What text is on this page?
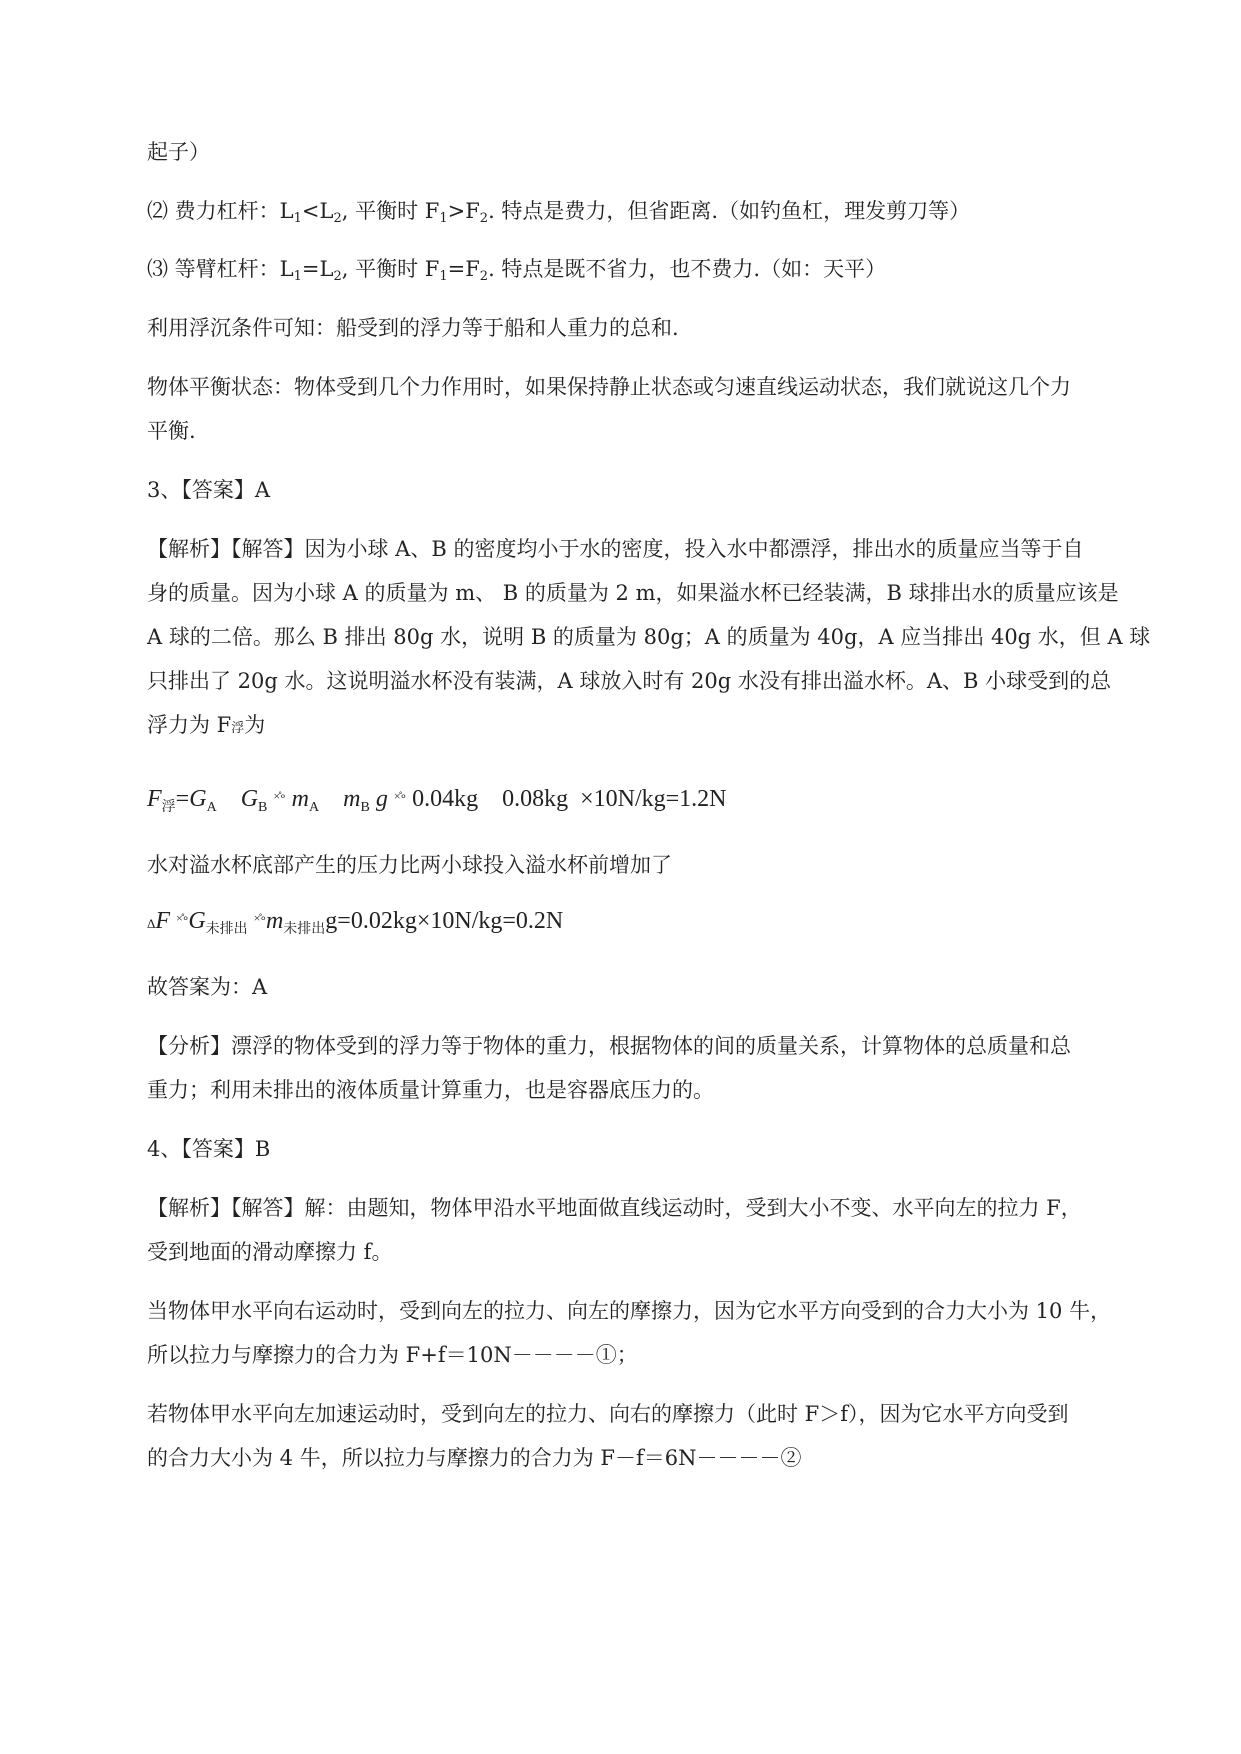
起子）
⑵ 费力杠杆：$L_1<L_2$, 平衡时 $F_1>F_2$. 特点是费力，但省距离.（如钓鱼杠，理发剪刀等）
⑶ 等臂杠杆：$L_1=L_2$, 平衡时 $F_1=F_2$. 特点是既不省力，也不费力.（如：天平）
利用浮沉条件可知：船受到的浮力等于船和人重力的总和.
物体平衡状态：物体受到几个力作用时，如果保持静止状态或匀速直线运动状态，我们就说这几个力
平衡.
3、【答案】A
【解析】【解答】因为小球 A、B 的密度均小于水的密度，投入水中都漂浮，排出水的质量应当等于自
身的质量。因为小球 A 的质量为 m、 B 的质量为 2 m，如果溢水杯已经装满，B 球排出水的质量应该是
A 球的二倍。那么 B 排出 80g 水，说明 B 的质量为 80g；A 的质量为 40g，A 应当排出 40g 水，但 A 球
只排出了 20g 水。这说明溢水杯没有装满，A 球放入时有 20g 水没有排出溢水杯。A、B 小球受到的总
浮力为 F浮为
$F_浮=G_A$ $G_B$ ×̊∘ $m_A$ $m_B$ g ×̊∘ 0.04kg 0.08kg ×10N/kg=1.2N
水对溢水杯底部产生的压力比两小球投入溢水杯前增加了
ΔF $^{\times̊\circ}G_{未排出}$ $^{\times̊\circ}m_{未排出}g=0.02kg\times 10N/kg=0.2N$
故答案为：A
【分析】漂浮的物体受到的浮力等于物体的重力，根据物体的间的质量关系，计算物体的总质量和总
重力；利用未排出的液体质量计算重力，也是容器底压力的。
4、【答案】B
【解析】【解答】解：由题知，物体甲沿水平地面做直线运动时，受到大小不变、水平向左的拉力 F，
受到地面的滑动摩擦力 f。
当物体甲水平向右运动时，受到向左的拉力、向左的摩擦力，因为它水平方向受到的合力大小为 10 牛，
所以拉力与摩擦力的合力为 F+f＝10N－－－－①；
若物体甲水平向左加速运动时，受到向左的拉力、向右的摩擦力（此时 F＞f），因为它水平方向受到
的合力大小为 4 牛，所以拉力与摩擦力的合力为 F－f＝6N－－－－②
